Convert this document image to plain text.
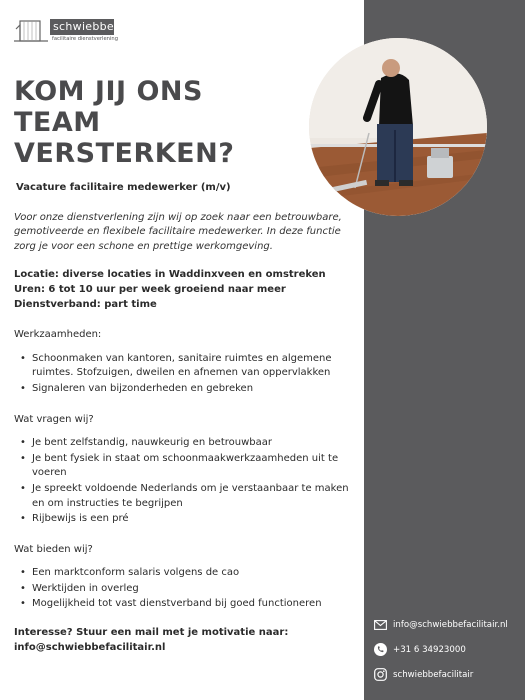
schwiebbe
facilitaire dienstverlening
KOM JIJ ONS
TEAM
VERSTERKEN?
Vacature facilitaire medewerker (m/v)
Voor onze dienstverlening zijn wij op zoek naar een betrouwbare, gemotiveerde en flexibele facilitaire medewerker. In deze functie zorg je voor een schone en prettige werkomgeving.
Locatie: diverse locaties in Waddinxveen en omstreken
Uren: 6 tot 10 uur per week groeiend naar meer
Dienstverband: part time
Werkzaamheden:
• Schoonmaken van kantoren, sanitaire ruimtes en algemene ruimtes. Stofzuigen, dweilen en afnemen van oppervlakken
• Signaleren van bijzonderheden en gebreken
Wat vragen wij?
• Je bent zelfstandig, nauwkeurig en betrouwbaar
• Je bent fysiek in staat om schoonmaakwerkzaamheden uit te voeren
• Je spreekt voldoende Nederlands om je verstaanbaar te maken en om instructies te begrijpen
• Rijbewijs is een pré
Wat bieden wij?
• Een marktconform salaris volgens de cao
• Werktijden in overleg
• Mogelijkheid tot vast dienstverband bij goed functioneren
Interesse? Stuur een mail met je motivatie naar:
info@schwiebbefacilitair.nl
info@schwiebbefacilitair.nl
+31 6 34923000
schwiebbefacilitair
